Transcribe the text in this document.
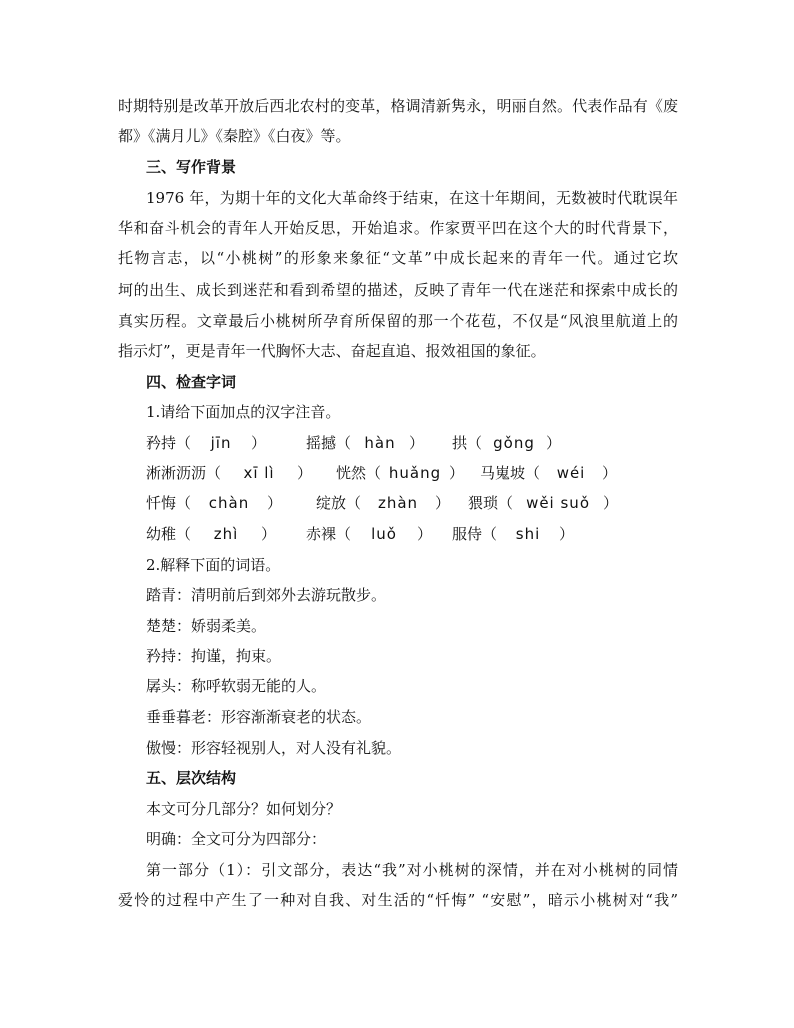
时期特别是改革开放后西北农村的变革，格调清新隽永，明丽自然。代表作品有《废
都》《满月儿》《秦腔》《白夜》等。
三、写作背景
1976 年，为期十年的文化大革命终于结束，在这十年期间，无数被时代耽误年
华和奋斗机会的青年人开始反思，开始追求。作家贾平凹在这个大的时代背景下，
托物言志，以“小桃树”的形象来象征“文革”中成长起来的青年一代。通过它坎
坷的出生、成长到迷茫和看到希望的描述，反映了青年一代在迷茫和探索中成长的
真实历程。文章最后小桃树所孕育所保留的那一个花苞，不仅是“风浪里航道上的
指示灯”，更是青年一代胸怀大志、奋起直追、报效祖国的象征。
四、检查字词
1.请给下面加点的汉字注音。
矜持（ jīn ）	摇撼（ hàn ） 拱（ gǒng ）
淅淅沥沥（ xī lì ） 恍然（ huǎng ） 马嵬坡（ wéi ）
忏悔（ chàn ） 绽放（ zhàn ） 猥琐（ wěi suǒ ）
幼稚（ zhì ） 赤裸（ luǒ ） 服侍（ shi ）
2.解释下面的词语。
踏青：清明前后到郊外去游玩散步。
楚楚：娇弱柔美。
矜持：拘谨，拘束。
孱头：称呼软弱无能的人。
垂垂暮老：形容渐渐衰老的状态。
傲慢：形容轻视别人，对人没有礼貌。
五、层次结构
本文可分几部分？如何划分？
明确：全文可分为四部分：
第一部分（1）：引文部分，表达“我”对小桃树的深情，并在对小桃树的同情
爱怜的过程中产生了一种对自我、对生活的“忏悔” “安慰”，暗示小桃树对“我”
